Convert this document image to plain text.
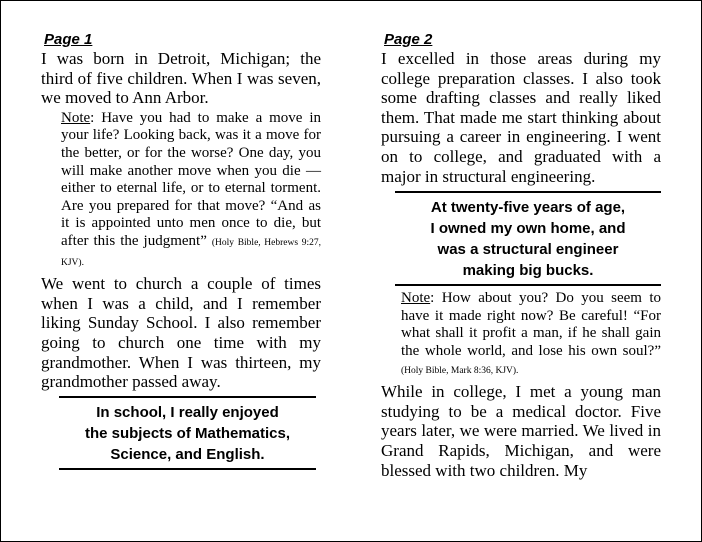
Page 1

I was born in Detroit, Michigan; the third of five children. When I was seven, we moved to Ann Arbor.

Note: Have you had to make a move in your life? Looking back, was it a move for the better, or for the worse? One day, you will make another move when you die — either to eternal life, or to eternal torment. Are you prepared for that move? “And as it is appointed unto men once to die, but after this the judgment” (Holy Bible, Hebrews 9:27, KJV).

We went to church a couple of times when I was a child, and I remember liking Sunday School. I also remember going to church one time with my grandmother. When I was thirteen, my grandmother passed away.

In school, I really enjoyed
the subjects of Mathematics,
Science, and English.

Page 2

I excelled in those areas during my college preparation classes. I also took some drafting classes and really liked them. That made me start thinking about pursuing a career in engineering. I went on to college, and graduated with a major in structural engineering.

At twenty-five years of age,
I owned my own home, and
was a structural engineer
making big bucks.

Note: How about you? Do you seem to have it made right now? Be careful! “For what shall it profit a man, if he shall gain the whole world, and lose his own soul?” (Holy Bible, Mark 8:36, KJV).

While in college, I met a young man studying to be a medical doctor. Five years later, we were married. We lived in Grand Rapids, Michigan, and were blessed with two children. My
